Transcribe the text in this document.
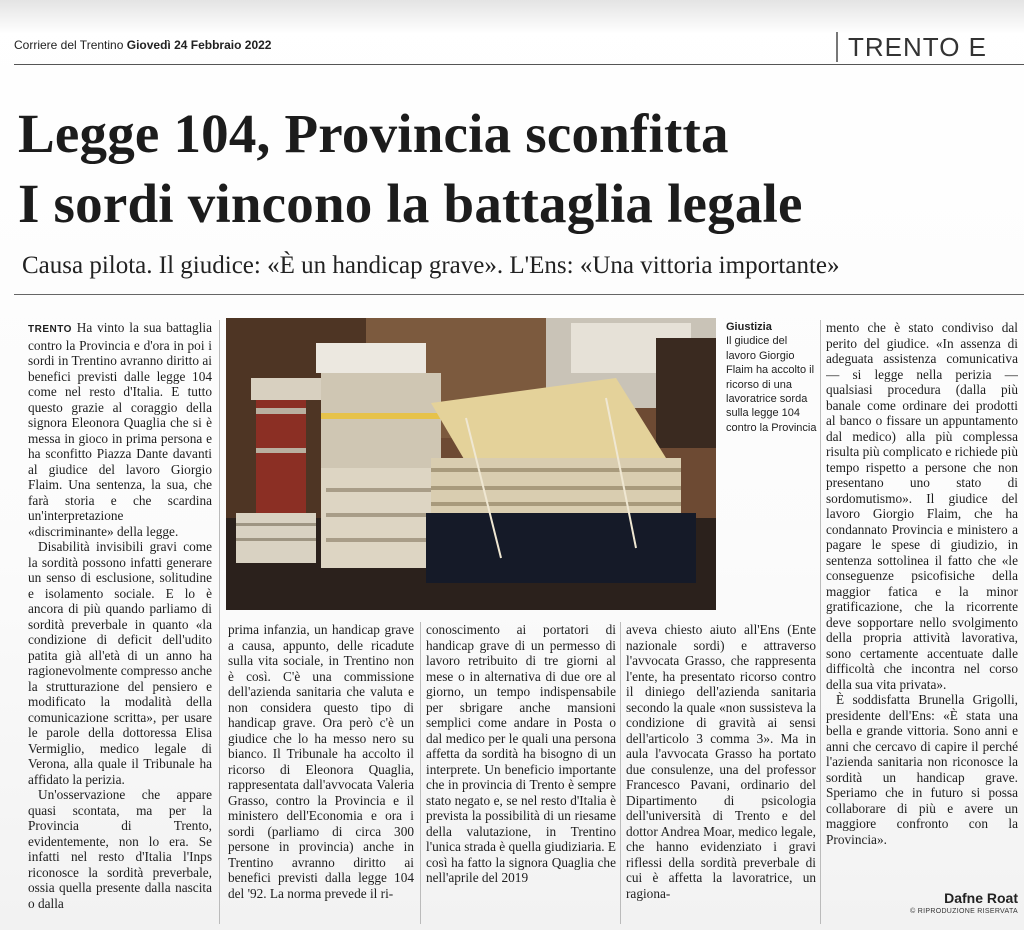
Corriere del Trentino Giovedì 24 Febbraio 2022	TRENTO E
Legge 104, Provincia sconfitta
I sordi vincono la battaglia legale
Causa pilota. Il giudice: «È un handicap grave». L'Ens: «Una vittoria importante»

TRENTO Ha vinto la sua battaglia contro la Provincia e d'ora in poi i sordi in Trentino avranno diritto ai benefici previsti dalle legge 104 come nel resto d'Italia. E tutto questo grazie al coraggio della signora Eleonora Quaglia che si è messa in gioco in prima persona e ha sconfitto Piazza Dante davanti al giudice del lavoro Giorgio Flaim. Una sentenza, la sua, che farà storia e che scardina un'interpretazione «discriminante» della legge.

Disabilità invisibili gravi come la sordità possono infatti generare un senso di esclusione, solitudine e isolamento sociale. E lo è ancora di più quando parliamo di sordità preverbale in quanto «la condizione di deficit dell'udito patita già all'età di un anno ha ragionevolmente compresso anche la strutturazione del pensiero e modificato la modalità della comunicazione scritta», per usare le parole della dottoressa Elisa Vermiglio, medico legale di Verona, alla quale il Tribunale ha affidato la perizia.

Un'osservazione che appare quasi scontata, ma per la Provincia di Trento, evidentemente, non lo era. Se infatti nel resto d'Italia l'Inps riconosce la sordità preverbale, ossia quella presente dalla nascita o dalla

Giustizia
Il giudice del lavoro Giorgio Flaim ha accolto il ricorso di una lavoratrice sorda sulla legge 104 contro la Provincia

prima infanzia, un handicap grave a causa, appunto, delle ricadute sulla vita sociale, in Trentino non è così. C'è una commissione dell'azienda sanitaria che valuta e non considera questo tipo di handicap grave. Ora però c'è un giudice che lo ha messo nero su bianco. Il Tribunale ha accolto il ricorso di Eleonora Quaglia, rappresentata dall'avvocata Valeria Grasso, contro la Provincia e il ministero dell'Economia e ora i sordi (parliamo di circa 300 persone in provincia) anche in Trentino avranno diritto ai benefici previsti dalla legge 104 del '92. La norma prevede il ri-

conoscimento ai portatori di handicap grave di un permesso di lavoro retribuito di tre giorni al mese o in alternativa di due ore al giorno, un tempo indispensabile per sbrigare anche mansioni semplici come andare in Posta o dal medico per le quali una persona affetta da sordità ha bisogno di un interprete. Un beneficio importante che in provincia di Trento è sempre stato negato e, se nel resto d'Italia è prevista la possibilità di un riesame della valutazione, in Trentino l'unica strada è quella giudiziaria. E così ha fatto la signora Quaglia che nell'aprile del 2019

aveva chiesto aiuto all'Ens (Ente nazionale sordi) e attraverso l'avvocata Grasso, che rappresenta l'ente, ha presentato ricorso contro il diniego dell'azienda sanitaria secondo la quale «non sussisteva la condizione di gravità ai sensi dell'articolo 3 comma 3». Ma in aula l'avvocata Grasso ha portato due consulenze, una del professor Francesco Pavani, ordinario del Dipartimento di psicologia dell'università di Trento e del dottor Andrea Moar, medico legale, che hanno evidenziato i gravi riflessi della sordità preverbale di cui è affetta la lavoratrice, un ragiona-

mento che è stato condiviso dal perito del giudice. «In assenza di adeguata assistenza comunicativa — si legge nella perizia — qualsiasi procedura (dalla più banale come ordinare dei prodotti al banco o fissare un appuntamento dal medico) alla più complessa risulta più complicato e richiede più tempo rispetto a persone che non presentano uno stato di sordomutismo». Il giudice del lavoro Giorgio Flaim, che ha condannato Provincia e ministero a pagare le spese di giudizio, in sentenza sottolinea il fatto che «le conseguenze psicofisiche della maggior fatica e la minor gratificazione, che la ricorrente deve sopportare nello svolgimento della propria attività lavorativa, sono certamente accentuate dalle difficoltà che incontra nel corso della sua vita privata».

È soddisfatta Brunella Grigolli, presidente dell'Ens: «È stata una bella e grande vittoria. Sono anni e anni che cercavo di capire il perché l'azienda sanitaria non riconosce la sordità un handicap grave. Speriamo che in futuro si possa collaborare di più e avere un maggiore confronto con la Provincia».

Dafne Roat
© RIPRODUZIONE RISERVATA
